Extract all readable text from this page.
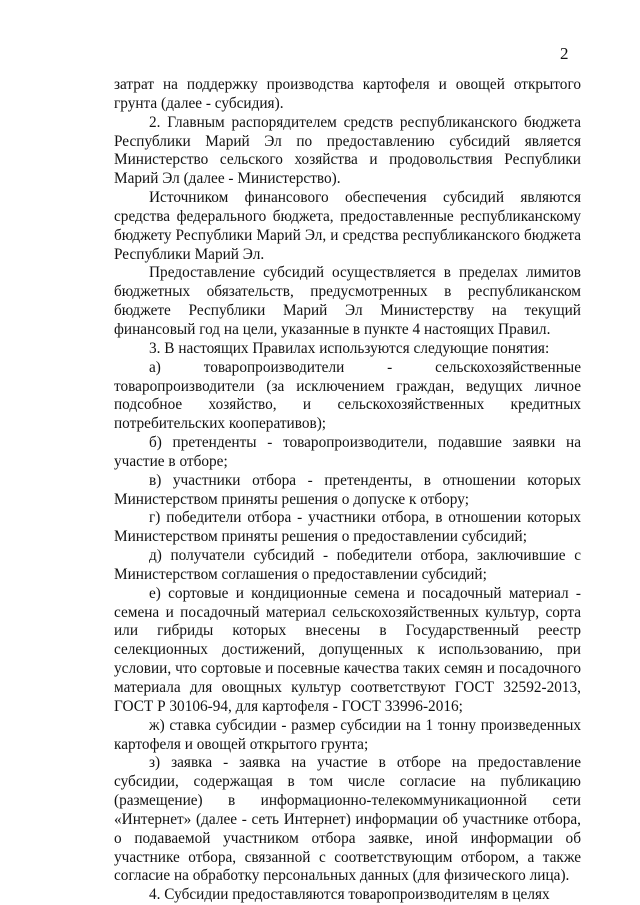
2

затрат на поддержку производства картофеля и овощей открытого грунта (далее - субсидия).

2. Главным распорядителем средств республиканского бюджета Республики Марий Эл по предоставлению субсидий является Министерство сельского хозяйства и продовольствия Республики Марий Эл (далее - Министерство).

Источником финансового обеспечения субсидий являются средства федерального бюджета, предоставленные республиканскому бюджету Республики Марий Эл, и средства республиканского бюджета Республики Марий Эл.

Предоставление субсидий осуществляется в пределах лимитов бюджетных обязательств, предусмотренных в республиканском бюджете Республики Марий Эл Министерству на текущий финансовый год на цели, указанные в пункте 4 настоящих Правил.

3. В настоящих Правилах используются следующие понятия:

а) товаропроизводители - сельскохозяйственные товаропроизводители (за исключением граждан, ведущих личное подсобное хозяйство, и сельскохозяйственных кредитных потребительских кооперативов);

б) претенденты - товаропроизводители, подавшие заявки на участие в отборе;

в) участники отбора - претенденты, в отношении которых Министерством приняты решения о допуске к отбору;

г) победители отбора - участники отбора, в отношении которых Министерством приняты решения о предоставлении субсидий;

д) получатели субсидий - победители отбора, заключившие с Министерством соглашения о предоставлении субсидий;

е) сортовые и кондиционные семена и посадочный материал - семена и посадочный материал сельскохозяйственных культур, сорта или гибриды которых внесены в Государственный реестр селекционных достижений, допущенных к использованию, при условии, что сортовые и посевные качества таких семян и посадочного материала для овощных культур соответствуют ГОСТ 32592-2013, ГОСТ Р 30106-94, для картофеля - ГОСТ 33996-2016;

ж) ставка субсидии - размер субсидии на 1 тонну произведенных картофеля и овощей открытого грунта;

з) заявка - заявка на участие в отборе на предоставление субсидии, содержащая в том числе согласие на публикацию (размещение) в информационно-телекоммуникационной сети «Интернет» (далее - сеть Интернет) информации об участнике отбора, о подаваемой участником отбора заявке, иной информации об участнике отбора, связанной с соответствующим отбором, а также согласие на обработку персональных данных (для физического лица).

4. Субсидии предоставляются товаропроизводителям в целях
